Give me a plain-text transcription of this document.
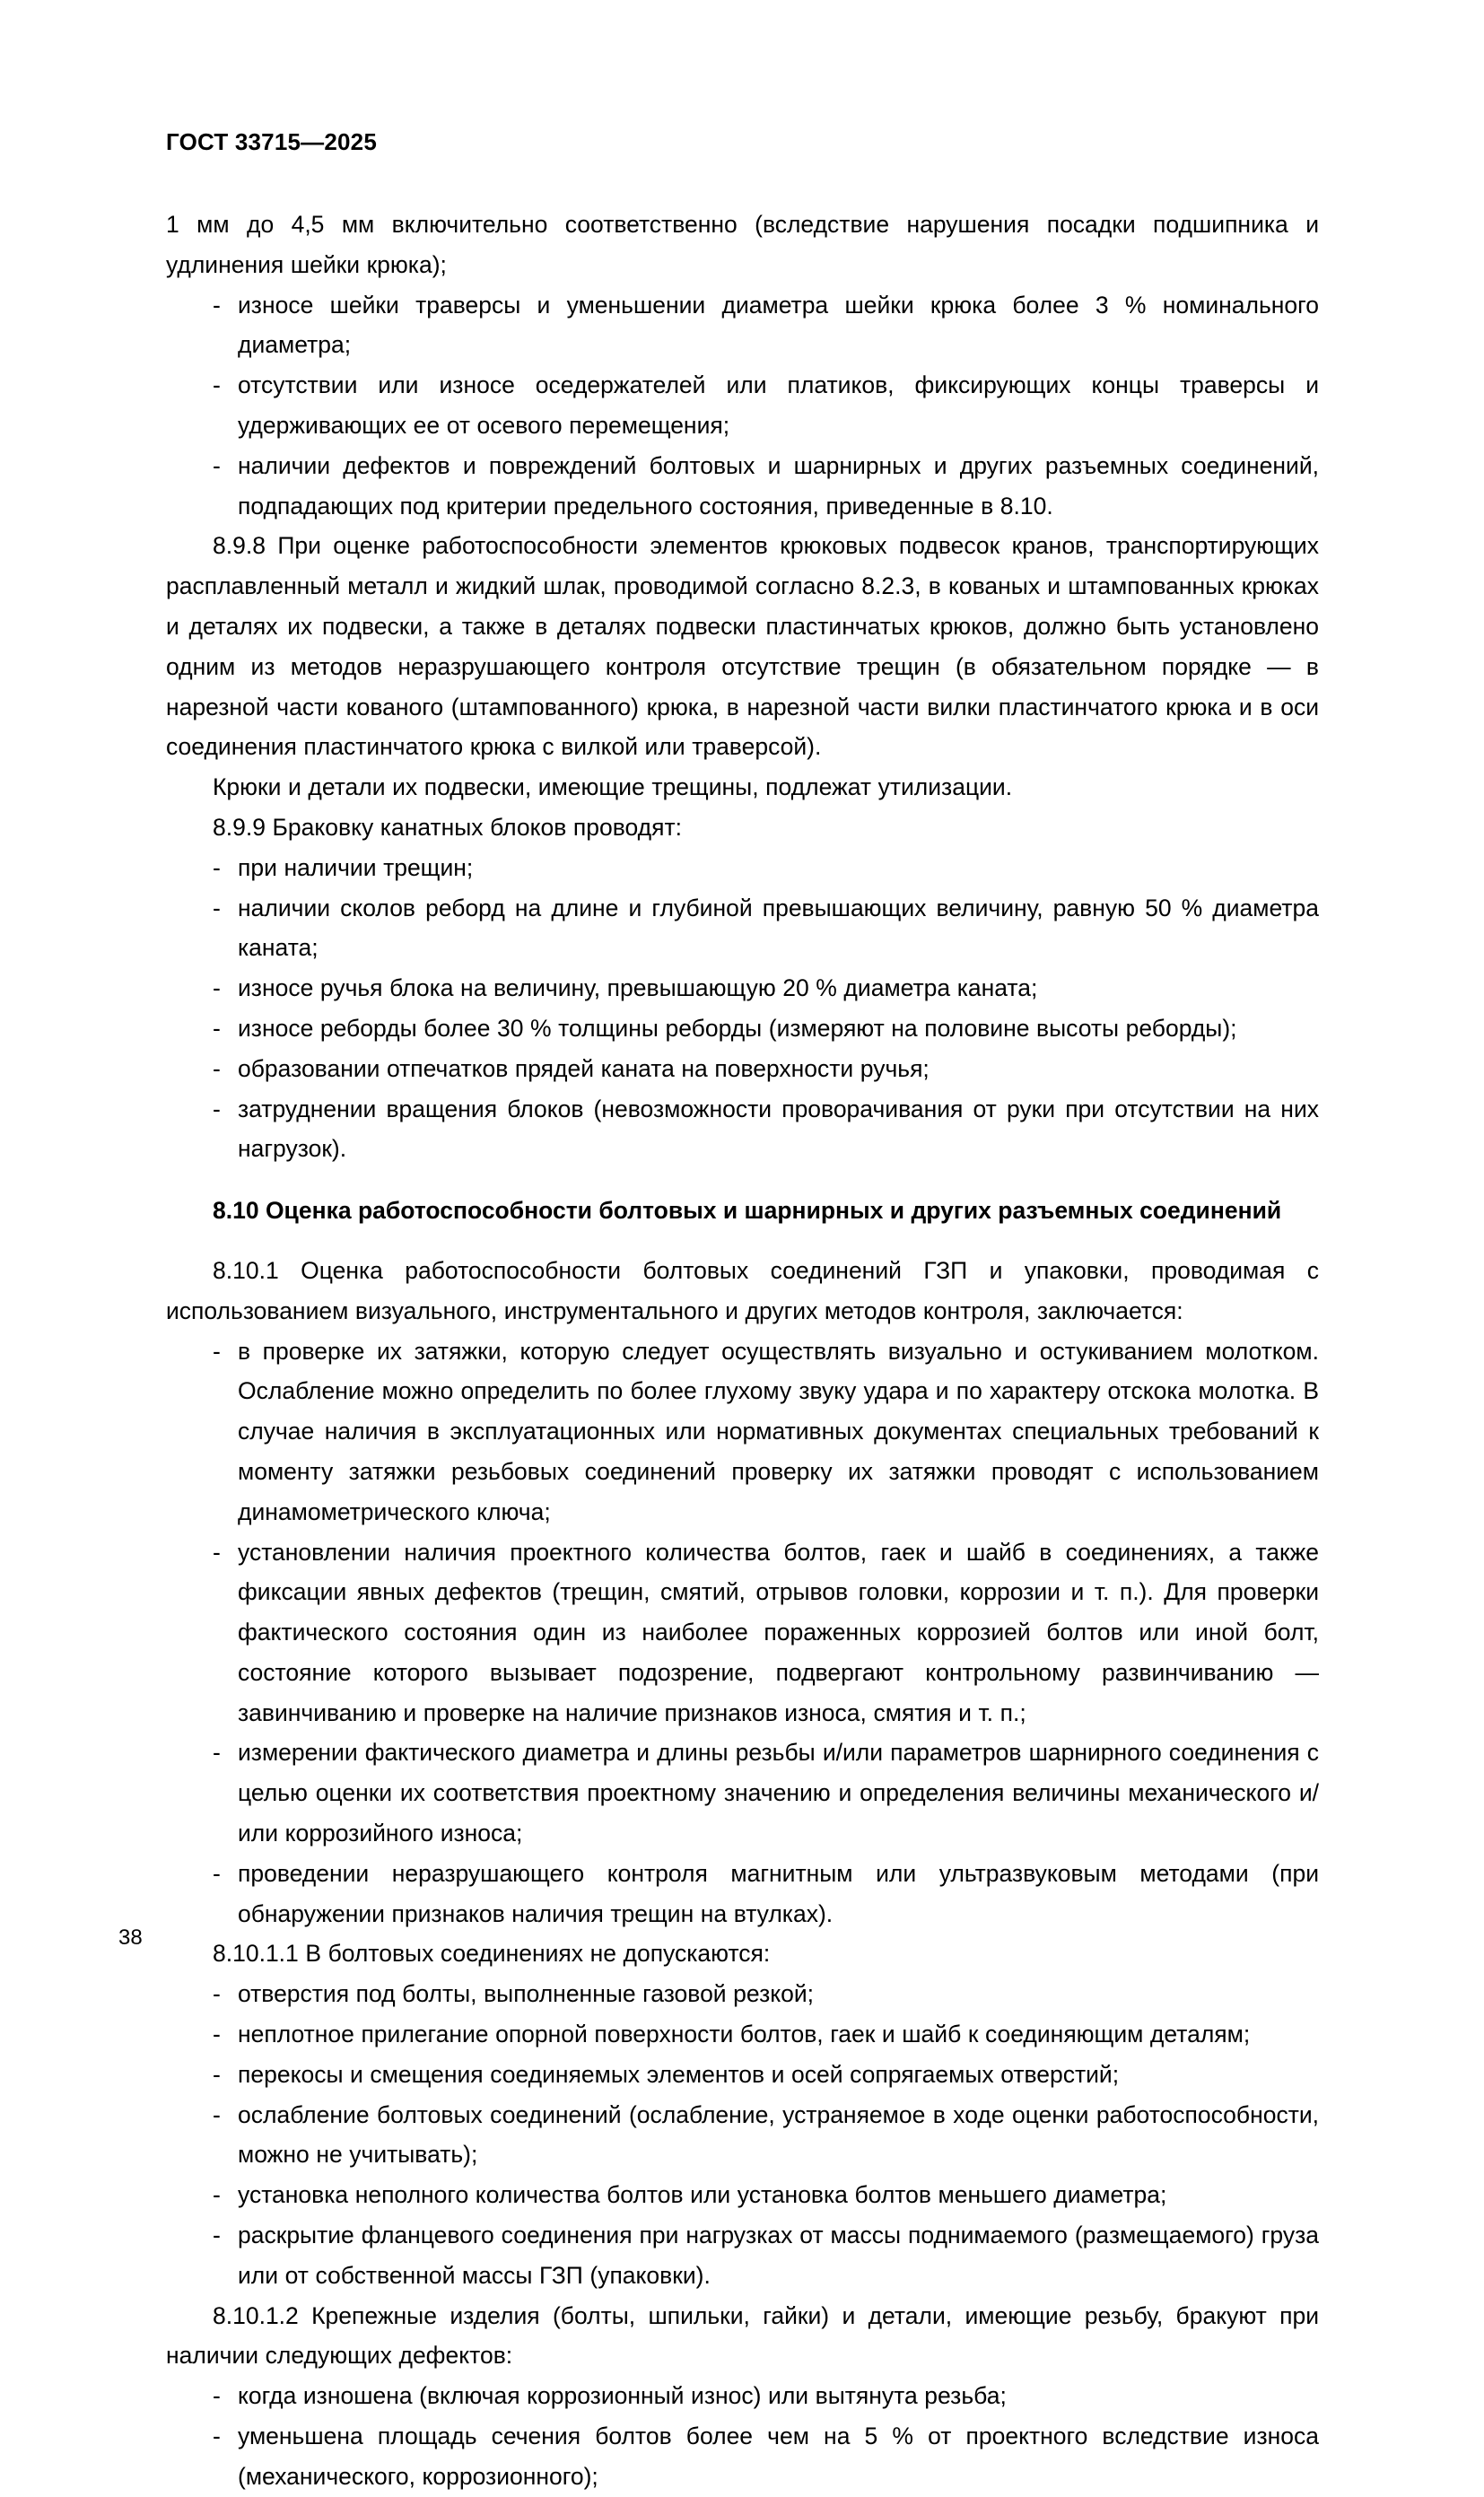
ГОСТ 33715—2025

1 мм до 4,5 мм включительно соответственно (вследствие нарушения посадки подшипника и удлинения шейки крюка);

- износе шейки траверсы и уменьшении диаметра шейки крюка более 3 % номинального диаметра;

- отсутствии или износе оседержателей или платиков, фиксирующих концы траверсы и удерживающих ее от осевого перемещения;

- наличии дефектов и повреждений болтовых и шарнирных и других разъемных соединений, подпадающих под критерии предельного состояния, приведенные в 8.10.

8.9.8 При оценке работоспособности элементов крюковых подвесок кранов, транспортирующих расплавленный металл и жидкий шлак, проводимой согласно 8.2.3, в кованых и штампованных крюках и деталях их подвески, а также в деталях подвески пластинчатых крюков, должно быть установлено одним из методов неразрушающего контроля отсутствие трещин (в обязательном порядке — в нарезной части кованого (штампованного) крюка, в нарезной части вилки пластинчатого крюка и в оси соединения пластинчатого крюка с вилкой или траверсой).

Крюки и детали их подвески, имеющие трещины, подлежат утилизации.

8.9.9 Браковку канатных блоков проводят:

- при наличии трещин;

- наличии сколов реборд на длине и глубиной превышающих величину, равную 50 % диаметра каната;

- износе ручья блока на величину, превышающую 20 % диаметра каната;

- износе реборды более 30 % толщины реборды (измеряют на половине высоты реборды);

- образовании отпечатков прядей каната на поверхности ручья;

- затруднении вращения блоков (невозможности проворачивания от руки при отсутствии на них нагрузок).

8.10 Оценка работоспособности болтовых и шарнирных и других разъемных соединений

8.10.1 Оценка работоспособности болтовых соединений ГЗП и упаковки, проводимая с использованием визуального, инструментального и других методов контроля, заключается:

- в проверке их затяжки, которую следует осуществлять визуально и остукиванием молотком. Ослабление можно определить по более глухому звуку удара и по характеру отскока молотка. В случае наличия в эксплуатационных или нормативных документах специальных требований к моменту затяжки резьбовых соединений проверку их затяжки проводят с использованием динамометрического ключа;

- установлении наличия проектного количества болтов, гаек и шайб в соединениях, а также фиксации явных дефектов (трещин, смятий, отрывов головки, коррозии и т. п.). Для проверки фактического состояния один из наиболее пораженных коррозией болтов или иной болт, состояние которого вызывает подозрение, подвергают контрольному развинчиванию — завинчиванию и проверке на наличие признаков износа, смятия и т. п.;

- измерении фактического диаметра и длины резьбы и/или параметров шарнирного соединения с целью оценки их соответствия проектному значению и определения величины механического и/или коррозийного износа;

- проведении неразрушающего контроля магнитным или ультразвуковым методами (при обнаружении признаков наличия трещин на втулках).

8.10.1.1 В болтовых соединениях не допускаются:

- отверстия под болты, выполненные газовой резкой;

- неплотное прилегание опорной поверхности болтов, гаек и шайб к соединяющим деталям;

- перекосы и смещения соединяемых элементов и осей сопрягаемых отверстий;

- ослабление болтовых соединений (ослабление, устраняемое в ходе оценки работоспособности, можно не учитывать);

- установка неполного количества болтов или установка болтов меньшего диаметра;

- раскрытие фланцевого соединения при нагрузках от массы поднимаемого (размещаемого) груза или от собственной массы ГЗП (упаковки).

8.10.1.2 Крепежные изделия (болты, шпильки, гайки) и детали, имеющие резьбу, бракуют при наличии следующих дефектов:

- когда изношена (включая коррозионный износ) или вытянута резьба;

- уменьшена площадь сечения болтов более чем на 5 % от проектного вследствие износа (механического, коррозионного);

38
